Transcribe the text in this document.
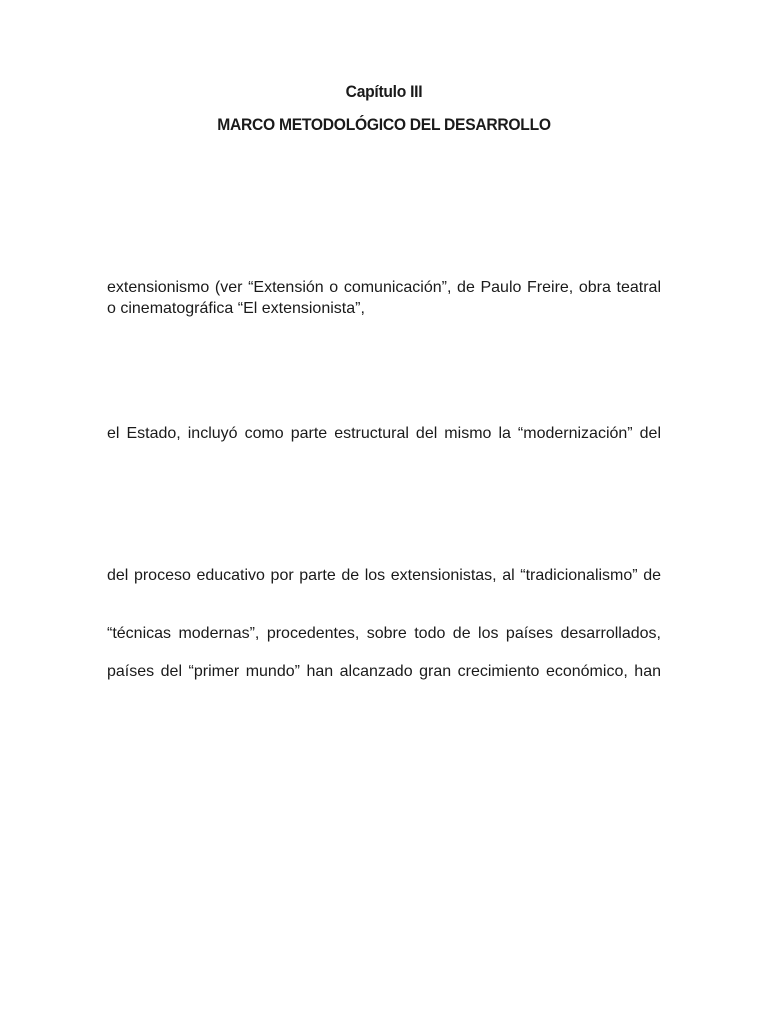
Capítulo III
MARCO METODOLÓGICO DEL DESARROLLO
extensionismo (ver “Extensión o comunicación”, de Paulo Freire, obra teatral
o cinematográfica “El extensionista”,
el Estado, incluyó como parte estructural del mismo la “modernización” del
del proceso educativo por parte de los extensionistas, al “tradicionalismo” de
“técnicas modernas”, procedentes, sobre todo de los países desarrollados,
países del “primer mundo” han alcanzado gran crecimiento económico, han
